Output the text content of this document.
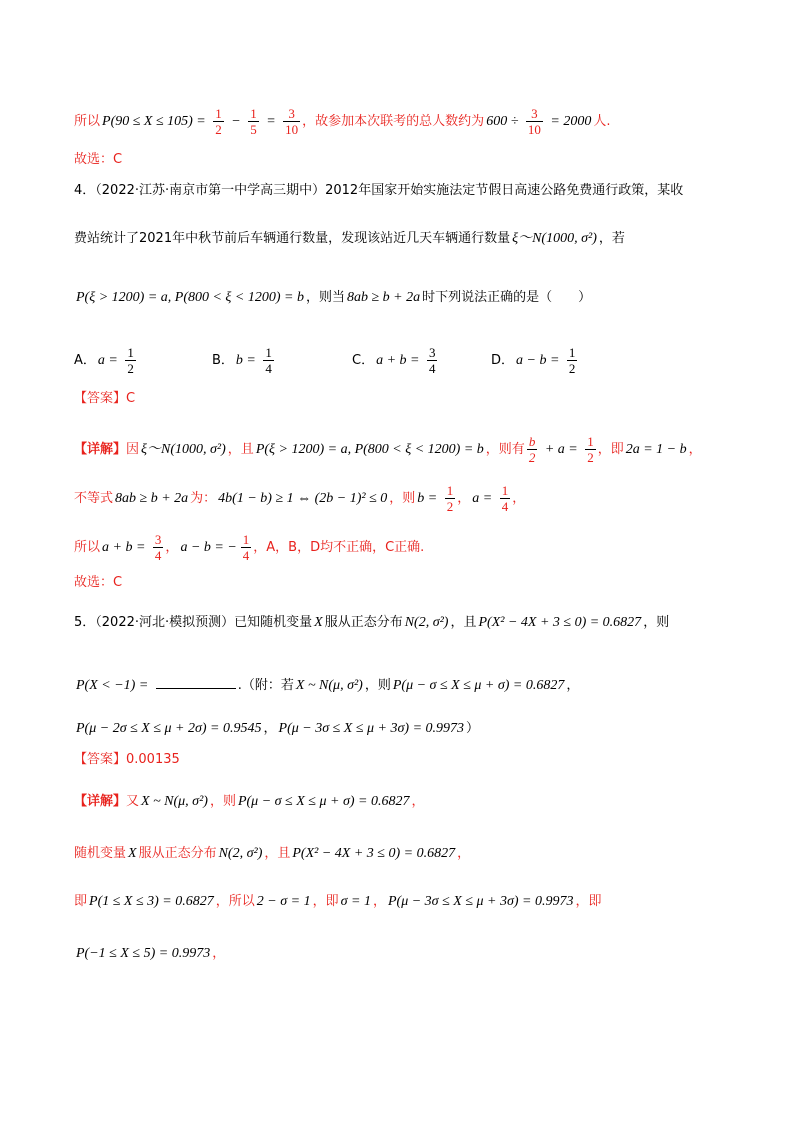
所以 $P(90 \le X \le 105) = \frac{1}{2} - \frac{1}{5} = \frac{3}{10}$ ，故参加本次联考的总人数约为 $600 \div \frac{3}{10} = 2000$ 人.
故选：C
4．（2022·江苏·南京市第一中学高三期中）2012年国家开始实施法定节假日高速公路免费通行政策，某收
费站统计了2021年中秋节前后车辆通行数量，发现该站近几天车辆通行数量 ξ～N(1000, σ²) ，若
P(ξ > 1200) = a, P(800 < ξ < 1200) = b ，则当 8ab ≥ b + 2a 时下列说法正确的是（　　）
A． $a = \frac{1}{2}$	B． $b = \frac{1}{4}$	C． $a + b = \frac{3}{4}$	D． $a - b = \frac{1}{2}$
【答案】C
【详解】因 ξ～N(1000, σ²) ，且 P(ξ > 1200) = a, P(800 < ξ < 1200) = b ，则有 $\frac{b}{2} + a = \frac{1}{2}$ ，即 2a = 1 − b ，
不等式 8ab ≥ b + 2a 为： 4b(1 − b) ≥ 1 ⇔ (2b − 1)² ≤ 0 ，则 $b = \frac{1}{2}$ ， $a = \frac{1}{4}$ ，
所以 $a + b = \frac{3}{4}$ ， a − b = − $\frac{1}{4}$ ，A，B，D均不正确，C正确.
故选：C
5．（2022·河北·模拟预测）已知随机变量 X 服从正态分布 N(2, σ²) ，且 P(X² − 4X + 3 ≤ 0) = 0.6827 ，则
P(X < −1) =	.（附：若 X ~ N(μ, σ²) ，则 P(μ − σ ≤ X ≤ μ + σ) = 0.6827 ，
P(μ − 2σ ≤ X ≤ μ + 2σ) = 0.9545 ， P(μ − 3σ ≤ X ≤ μ + 3σ) = 0.9973 ）
【答案】0.00135
【详解】又 X ~ N(μ, σ²) ，则 P(μ − σ ≤ X ≤ μ + σ) = 0.6827 ，
随机变量 X 服从正态分布 N(2, σ²) ，且 P(X² − 4X + 3 ≤ 0) = 0.6827 ，
即 P(1 ≤ X ≤ 3) = 0.6827 ，所以 2 − σ = 1 ，即 σ = 1 ， P(μ − 3σ ≤ X ≤ μ + 3σ) = 0.9973 ，即
P(−1 ≤ X ≤ 5) = 0.9973 ，
